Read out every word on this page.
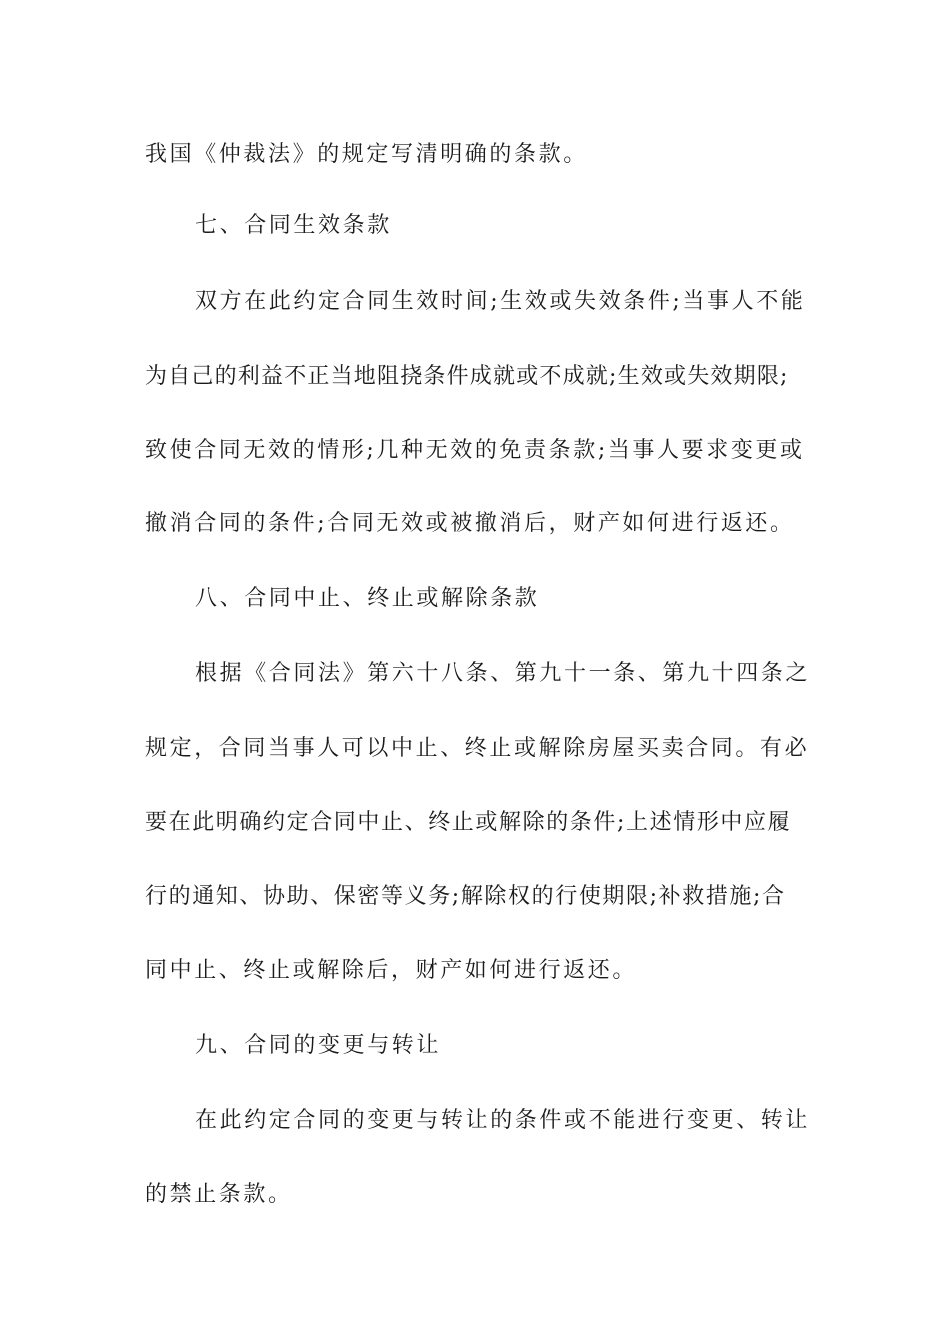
我国《仲裁法》的规定写清明确的条款。
七、合同生效条款
双方在此约定合同生效时间;生效或失效条件;当事人不能
为自己的利益不正当地阻挠条件成就或不成就;生效或失效期限;
致使合同无效的情形;几种无效的免责条款;当事人要求变更或
撤消合同的条件;合同无效或被撤消后，财产如何进行返还。
八、合同中止、终止或解除条款
根据《合同法》第六十八条、第九十一条、第九十四条之
规定，合同当事人可以中止、终止或解除房屋买卖合同。有必
要在此明确约定合同中止、终止或解除的条件;上述情形中应履
行的通知、协助、保密等义务;解除权的行使期限;补救措施;合
同中止、终止或解除后，财产如何进行返还。
九、合同的变更与转让
在此约定合同的变更与转让的条件或不能进行变更、转让
的禁止条款。
